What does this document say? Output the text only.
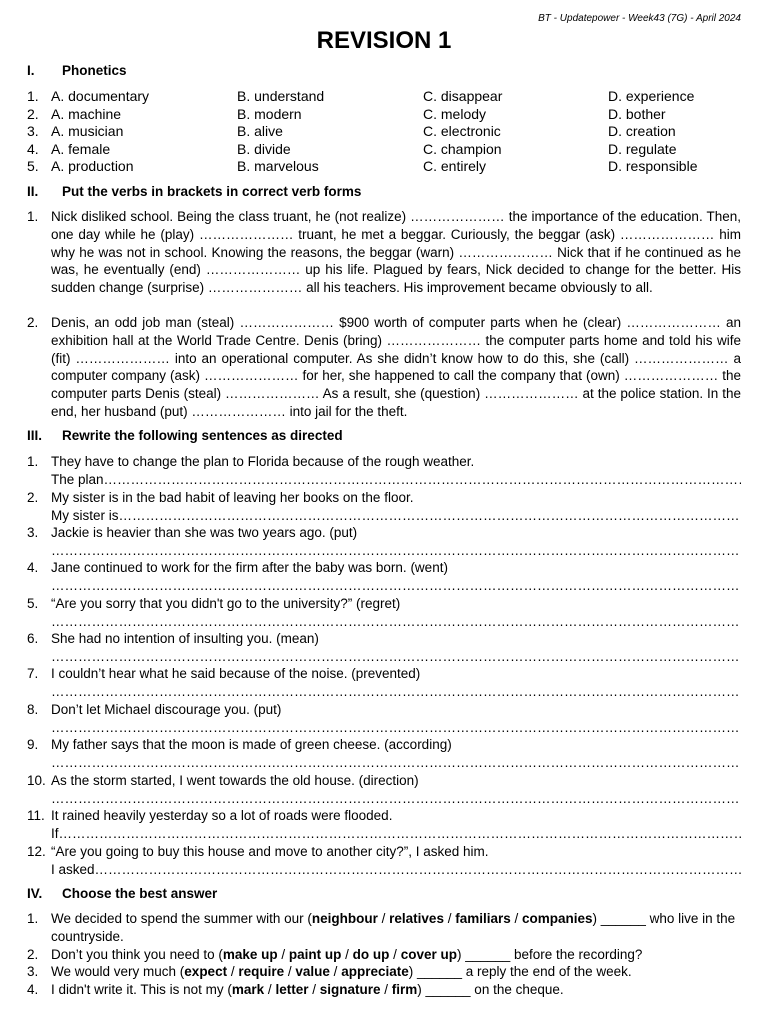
BT - Updatepower - Week43 (7G) - April 2024
REVISION 1
I. Phonetics
1. A. documentary	B. understand	C. disappear	D. experience
2. A. machine	B. modern	C. melody	D. bother
3. A. musician	B. alive	C. electronic	D. creation
4. A. female	B. divide	C. champion	D. regulate
5. A. production	B. marvelous	C. entirely	D. responsible
II. Put the verbs in brackets in correct verb forms
1. Nick disliked school. Being the class truant, he (not realize) ………………… the importance of the education. Then, one day while he (play) ………………… truant, he met a beggar. Curiously, the beggar (ask) ………………… him why he was not in school. Knowing the reasons, the beggar (warn) ………………… Nick that if he continued as he was, he eventually (end) ………………… up his life. Plagued by fears, Nick decided to change for the better. His sudden change (surprise) ………………… all his teachers. His improvement became obviously to all.
2. Denis, an odd job man (steal) ………………… $900 worth of computer parts when he (clear) ………………… an exhibition hall at the World Trade Centre. Denis (bring) ………………… the computer parts home and told his wife (fit) ………………… into an operational computer. As she didn’t know how to do this, she (call) ………………… a computer company (ask) ………………… for her, she happened to call the company that (own) ………………… the computer parts Denis (steal) ………………… As a result, she (question) ………………… at the police station. In the end, her husband (put) ………………… into jail for the theft.
III. Rewrite the following sentences as directed
1. They have to change the plan to Florida because of the rough weather.
The plan ……………………………………………………………………………………………………………………………………………………………………………………………………………………
2. My sister is in the bad habit of leaving her books on the floor.
My sister is ……………………………………………………………………………………………………………………………………………………………………………………………………………………
3. Jackie is heavier than she was two years ago. (put)
……………………………………………………………………………………………………………………………………………………………………………………………………………………
4. Jane continued to work for the firm after the baby was born. (went)
……………………………………………………………………………………………………………………………………………………………………………………………………………………
5. “Are you sorry that you didn't go to the university?” (regret)
……………………………………………………………………………………………………………………………………………………………………………………………………………………
6. She had no intention of insulting you. (mean)
……………………………………………………………………………………………………………………………………………………………………………………………………………………
7. I couldn’t hear what he said because of the noise. (prevented)
……………………………………………………………………………………………………………………………………………………………………………………………………………………
8. Don’t let Michael discourage you. (put)
……………………………………………………………………………………………………………………………………………………………………………………………………………………
9. My father says that the moon is made of green cheese. (according)
……………………………………………………………………………………………………………………………………………………………………………………………………………………
10. As the storm started, I went towards the old house. (direction)
……………………………………………………………………………………………………………………………………………………………………………………………………………………
11. It rained heavily yesterday so a lot of roads were flooded.
If ……………………………………………………………………………………………………………………………………………………………………………………………………………………
12. “Are you going to buy this house and move to another city?”, I asked him.
I asked ……………………………………………………………………………………………………………………………………………………………………………………………………………………
IV. Choose the best answer
1. We decided to spend the summer with our (neighbour / relatives / familiars / companies) ______ who live in the countryside.
2. Don’t you think you need to (make up / paint up / do up / cover up) ______ before the recording?
3. We would very much (expect / require / value / appreciate) ______ a reply the end of the week.
4. I didn't write it. This is not my (mark / letter / signature / firm) ______ on the cheque.
